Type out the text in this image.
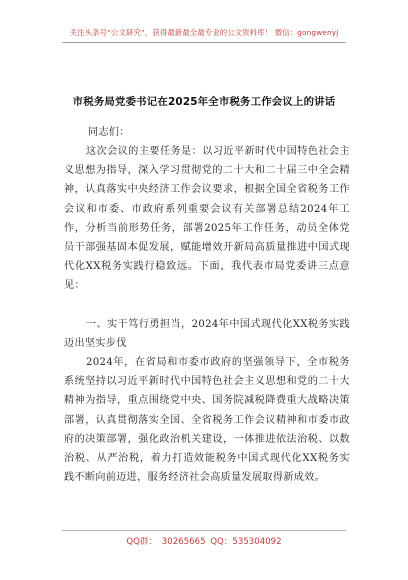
关注头条号“公文研究”，获得最新最全最专业的公文资料库！ 微信：gongwenyj
市税务局党委书记在2025年全市税务工作会议上的讲话
同志们：
这次会议的主要任务是：以习近平新时代中国特色社会主义思想为指导，深入学习贯彻党的二十大和二十届三中全会精神，认真落实中央经济工作会议要求，根据全国全省税务工作会议和市委、市政府系列重要会议有关部署总结2024年工作，分析当前形势任务，部署2025年工作任务，动员全体党员干部强基固本促发展，赋能增效开新局高质量推进中国式现代化XX税务实践行稳致远。下面，我代表市局党委讲三点意见：
一、实干笃行勇担当，2024年中国式现代化XX税务实践迈出坚实步伐
2024年，在省局和市委市政府的坚强领导下，全市税务系统坚持以习近平新时代中国特色社会主义思想和党的二十大精神为指导，重点围绕党中央、国务院减税降费重大战略决策部署，认真贯彻落实全国、全省税务工作会议精神和市委市政府的决策部署，强化政治机关建设，一体推进依法治税、以数治税、从严治税，着力打造效能税务中国式现代化XX税务实践不断向前迈进，服务经济社会高质量发展取得新成效。
QQ群： 30265665 QQ：535304092
